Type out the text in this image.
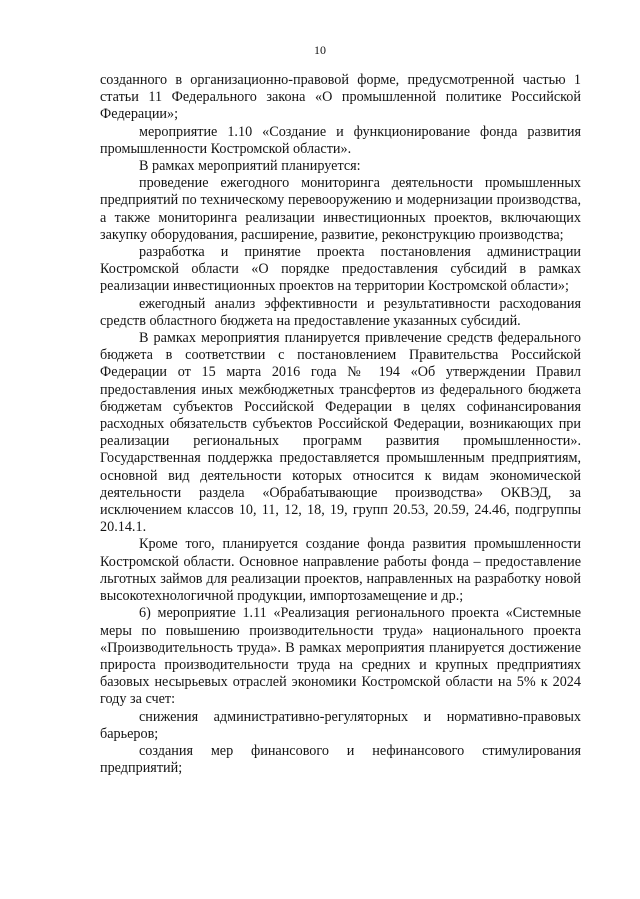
10

созданного в организационно-правовой форме, предусмотренной частью 1 статьи 11 Федерального закона «О промышленной политике Российской Федерации»;

мероприятие 1.10 «Создание и функционирование фонда развития промышленности Костромской области».

В рамках мероприятий планируется:

проведение ежегодного мониторинга деятельности промышленных предприятий по техническому перевооружению и модернизации производства, а также мониторинга реализации инвестиционных проектов, включающих закупку оборудования, расширение, развитие, реконструкцию производства;

разработка и принятие проекта постановления администрации Костромской области «О порядке предоставления субсидий в рамках реализации инвестиционных проектов на территории Костромской области»;

ежегодный анализ эффективности и результативности расходования средств областного бюджета на предоставление указанных субсидий.

В рамках мероприятия планируется привлечение средств федерального бюджета в соответствии с постановлением Правительства Российской Федерации от 15 марта 2016 года № 194 «Об утверждении Правил предоставления иных межбюджетных трансфертов из федерального бюджета бюджетам субъектов Российской Федерации в целях софинансирования расходных обязательств субъектов Российской Федерации, возникающих при реализации региональных программ развития промышленности». Государственная поддержка предоставляется промышленным предприятиям, основной вид деятельности которых относится к видам экономической деятельности раздела «Обрабатывающие производства» ОКВЭД, за исключением классов 10, 11, 12, 18, 19, групп 20.53, 20.59, 24.46, подгруппы 20.14.1.

Кроме того, планируется создание фонда развития промышленности Костромской области. Основное направление работы фонда – предоставление льготных займов для реализации проектов, направленных на разработку новой высокотехнологичной продукции, импортозамещение и др.;

6) мероприятие 1.11 «Реализация регионального проекта «Системные меры по повышению производительности труда» национального проекта «Производительность труда». В рамках мероприятия планируется достижение прироста производительности труда на средних и крупных предприятиях базовых несырьевых отраслей экономики Костромской области на 5% к 2024 году за счет:

снижения административно-регуляторных и нормативно-правовых барьеров;

создания мер финансового и нефинансового стимулирования предприятий;
